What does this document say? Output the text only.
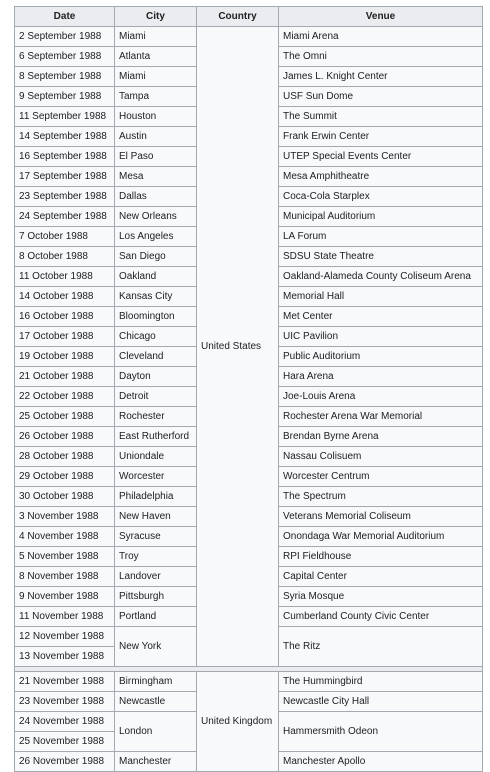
Date	City	Country	Venue
2 September 1988	Miami	United States	Miami Arena
6 September 1988	Atlanta		The Omni
8 September 1988	Miami		James L. Knight Center
9 September 1988	Tampa		USF Sun Dome
11 September 1988	Houston		The Summit
14 September 1988	Austin		Frank Erwin Center
16 September 1988	El Paso		UTEP Special Events Center
17 September 1988	Mesa		Mesa Amphitheatre
23 September 1988	Dallas		Coca-Cola Starplex
24 September 1988	New Orleans		Municipal Auditorium
7 October 1988	Los Angeles		LA Forum
8 October 1988	San Diego		SDSU State Theatre
11 October 1988	Oakland		Oakland-Alameda County Coliseum Arena
14 October 1988	Kansas City		Memorial Hall
16 October 1988	Bloomington		Met Center
17 October 1988	Chicago		UIC Pavilion
19 October 1988	Cleveland		Public Auditorium
21 October 1988	Dayton		Hara Arena
22 October 1988	Detroit		Joe-Louis Arena
25 October 1988	Rochester		Rochester Arena War Memorial
26 October 1988	East Rutherford		Brendan Byrne Arena
28 October 1988	Uniondale		Nassau Colisuem
29 October 1988	Worcester		Worcester Centrum
30 October 1988	Philadelphia		The Spectrum
3 November 1988	New Haven		Veterans Memorial Coliseum
4 November 1988	Syracuse		Onondaga War Memorial Auditorium
5 November 1988	Troy		RPI Fieldhouse
8 November 1988	Landover		Capital Center
9 November 1988	Pittsburgh		Syria Mosque
11 November 1988	Portland		Cumberland County Civic Center
12 November 1988	New York		The Ritz
13 November 1988			

21 November 1988	Birmingham	United Kingdom	The Hummingbird
23 November 1988	Newcastle		Newcastle City Hall
24 November 1988	London		Hammersmith Odeon
25 November 1988			
26 November 1988	Manchester		Manchester Apollo
